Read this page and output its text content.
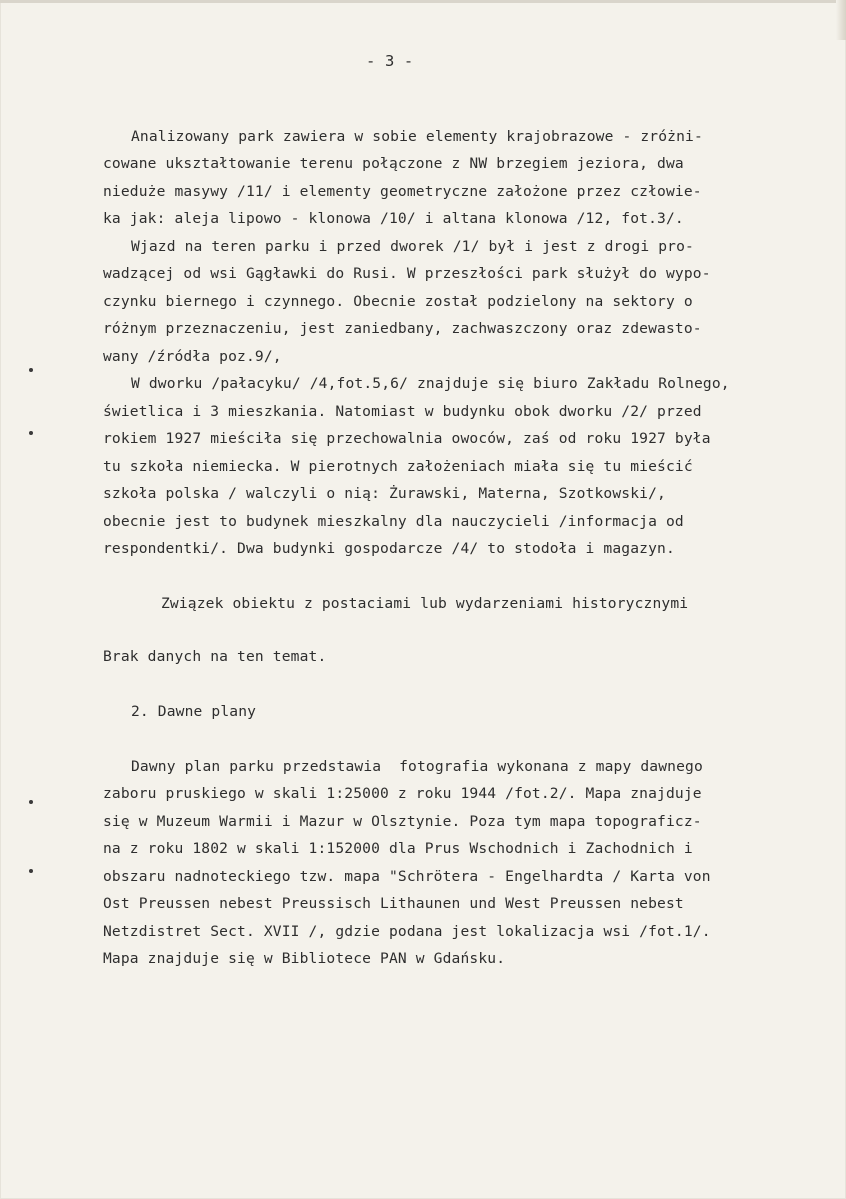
- 3 -
Analizowany park zawiera w sobie elementy krajobrazowe - zróżni-
cowane ukształtowanie terenu połączone z NW brzegiem jeziora, dwa
nieduże masywy /11/ i elementy geometryczne założone przez człowie-
ka jak: aleja lipowo - klonowa /10/ i altana klonowa /12, fot.3/.
Wjazd na teren parku i przed dworek /1/ był i jest z drogi pro-
wadzącej od wsi Gągławki do Rusi. W przeszłości park służył do wypo-
czynku biernego i czynnego. Obecnie został podzielony na sektory o
różnym przeznaczeniu, jest zaniedbany, zachwaszczony oraz zdewasto-
wany /źródła poz.9/,
W dworku /pałacyku/ /4,fot.5,6/ znajduje się biuro Zakładu Rolnego,
świetlica i 3 mieszkania. Natomiast w budynku obok dworku /2/ przed
rokiem 1927 mieściła się przechowalnia owoców, zaś od roku 1927 była
tu szkoła niemiecka. W pierotnych założeniach miała się tu mieścić
szkoła polska / walczyli o nią: Żurawski, Materna, Szotkowski/,
obecnie jest to budynek mieszkalny dla nauczycieli /informacja od
respondentki/. Dwa budynki gospodarcze /4/ to stodoła i magazyn.
Związek obiektu z postaciami lub wydarzeniami historycznymi
Brak danych na ten temat.
2. Dawne plany
Dawny plan parku przedstawia  fotografia wykonana z mapy dawnego
zaboru pruskiego w skali 1:25000 z roku 1944 /fot.2/. Mapa znajduje
się w Muzeum Warmii i Mazur w Olsztynie. Poza tym mapa topograficz-
na z roku 1802 w skali 1:152000 dla Prus Wschodnich i Zachodnich i
obszaru nadnoteckiego tzw. mapa "Schrötera - Engelhardta / Karta von
Ost Preussen nebest Preussisch Lithaunen und West Preussen nebest
Netzdistret Sect. XVII /, gdzie podana jest lokalizacja wsi /fot.1/.
Mapa znajduje się w Bibliotece PAN w Gdańsku.
